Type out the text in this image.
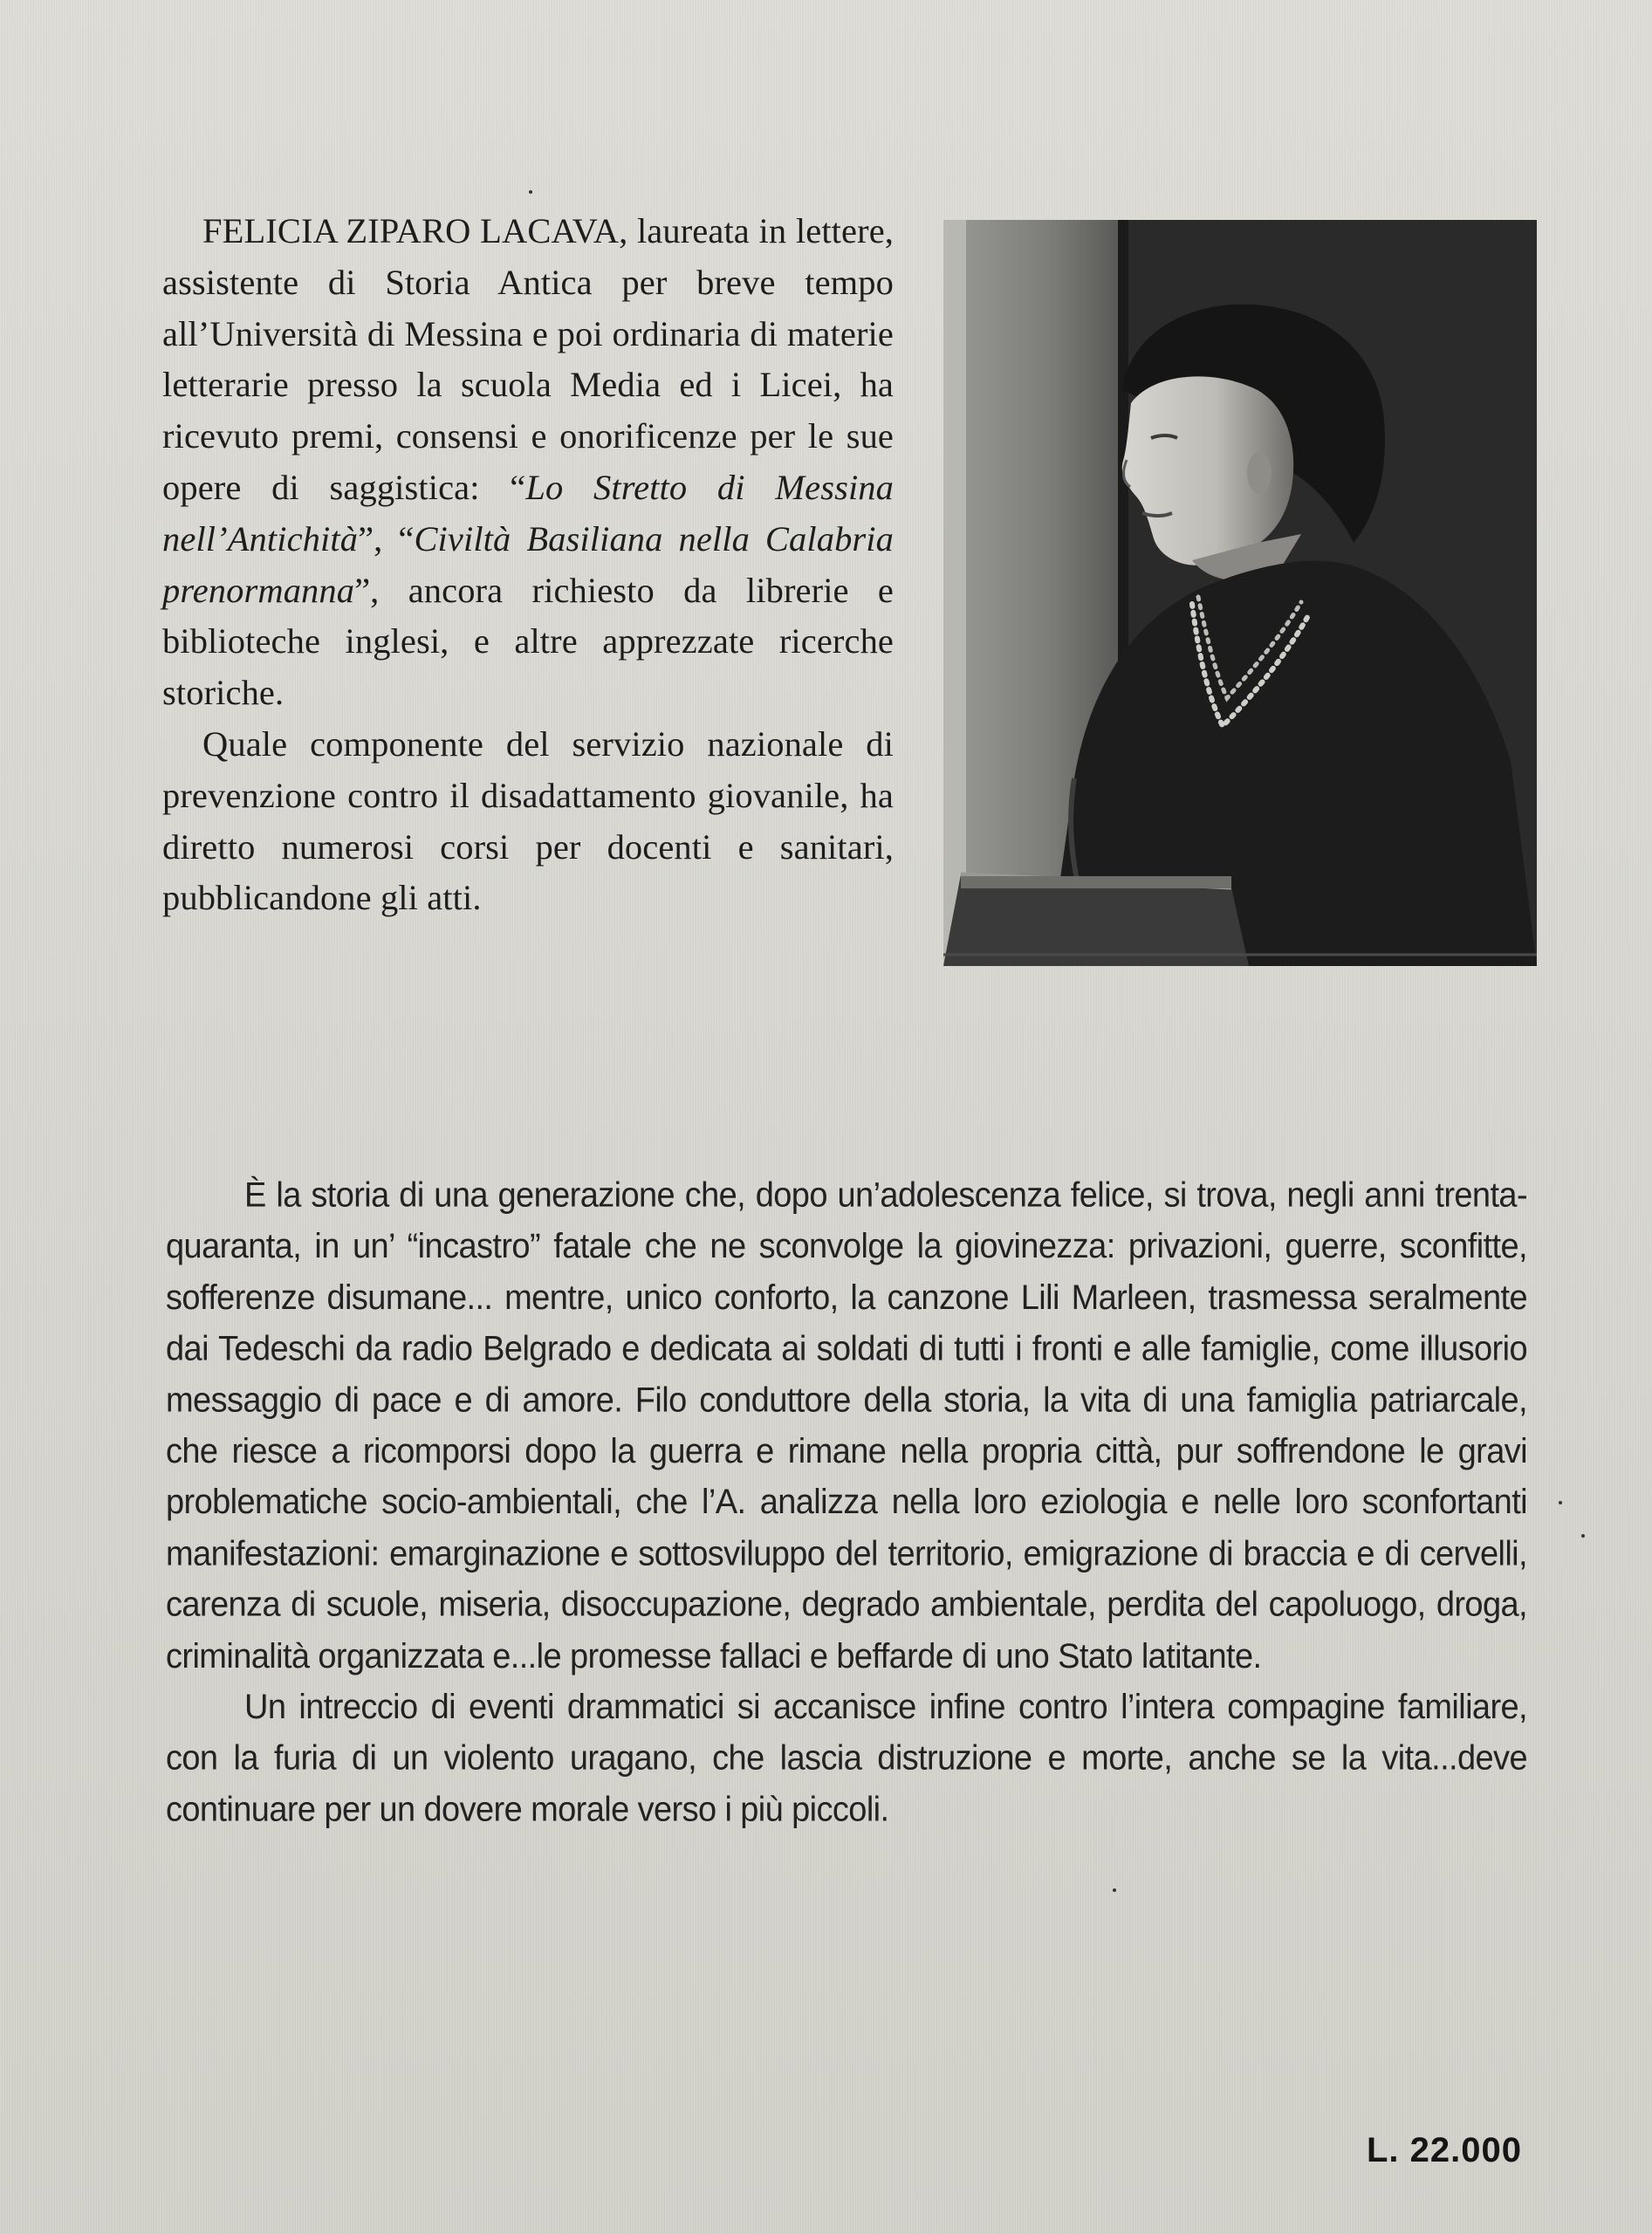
FELICIA ZIPARO LACAVA, laureata in lettere, assistente di Storia Antica per breve tempo all’Università di Messina e poi ordinaria di materie letterarie presso la scuola Media ed i Licei, ha ricevuto premi, consensi e onorificenze per le sue opere di saggistica: “Lo Stretto di Messina nell’Antichità”, “Civiltà Basiliana nella Calabria prenormanna”, ancora richiesto da librerie e biblioteche inglesi, e altre apprezzate ricerche storiche.

Quale componente del servizio nazionale di prevenzione contro il disadattamento giovanile, ha diretto numerosi corsi per docenti e sanitari, pubblicandone gli atti.

È la storia di una generazione che, dopo un’adolescenza felice, si trova, negli anni trenta-quaranta, in un’ “incastro” fatale che ne sconvolge la giovinezza: privazioni, guerre, sconfitte, sofferenze disumane... mentre, unico conforto, la canzone Lili Marleen, trasmessa seralmente dai Tedeschi da radio Belgrado e dedicata ai soldati di tutti i fronti e alle famiglie, come illusorio messaggio di pace e di amore. Filo conduttore della storia, la vita di una famiglia patriarcale, che riesce a ricomporsi dopo la guerra e rimane nella propria città, pur soffrendone le gravi problematiche socio-ambientali, che l’A. analizza nella loro eziologia e nelle loro sconfortanti manifestazioni: emarginazione e sottosviluppo del territorio, emigrazione di braccia e di cervelli, carenza di scuole, miseria, disoccupazione, degrado ambientale, perdita del capoluogo, droga, criminalità organizzata e...le promesse fallaci e beffarde di uno Stato latitante.

Un intreccio di eventi drammatici si accanisce infine contro l’intera compagine familiare, con la furia di un violento uragano, che lascia distruzione e morte, anche se la vita...deve continuare per un dovere morale verso i più piccoli.

L. 22.000
